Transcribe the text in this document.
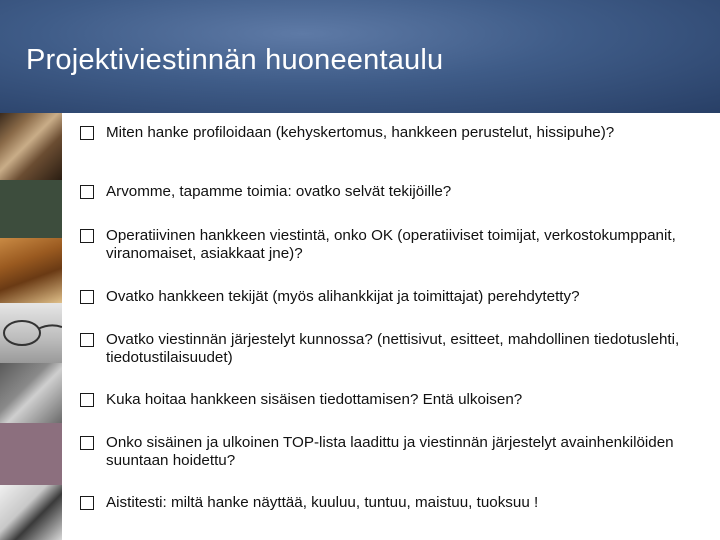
Projektiviestinnän huoneentaulu
Miten hanke profiloidaan (kehyskertomus, hankkeen perustelut, hissipuhe)?
Arvomme, tapamme toimia: ovatko selvät tekijöille?
Operatiivinen hankkeen viestintä, onko OK (operatiiviset toimijat, verkostokumppanit, viranomaiset, asiakkaat jne)?
Ovatko hankkeen tekijät (myös alihankkijat ja toimittajat) perehdytetty?
Ovatko viestinnän järjestelyt kunnossa? (nettisivut, esitteet, mahdollinen tiedotuslehti, tiedotustilaisuudet)
Kuka hoitaa hankkeen sisäisen tiedottamisen? Entä ulkoisen?
Onko sisäinen ja ulkoinen TOP-lista laadittu ja viestinnän järjestelyt avainhenkilöiden suuntaan hoidettu?
Aistitesti: miltä hanke näyttää, kuuluu, tuntuu, maistuu, tuoksuu !
